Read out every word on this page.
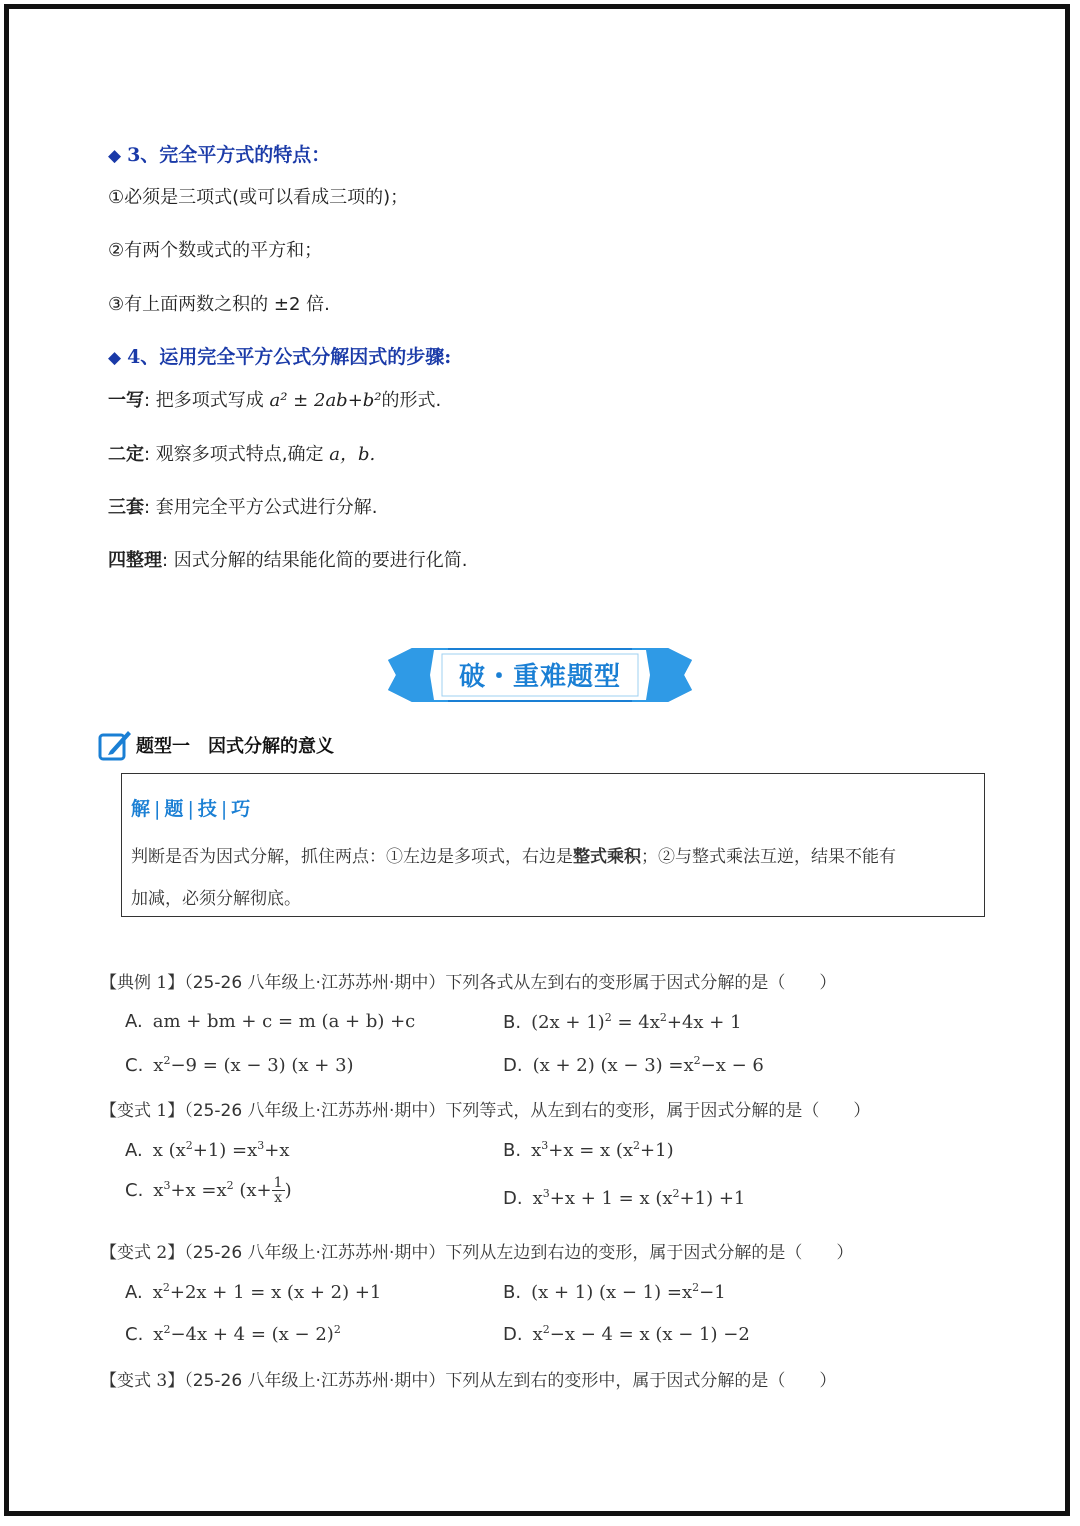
◆ 3、完全平方式的特点：
①必须是三项式(或可以看成三项的)；
②有两个数或式的平方和；
③有上面两数之积的 ±2 倍.
◆ 4、运用完全平方公式分解因式的步骤:
一写: 把多项式写成 a² ± 2ab+b²的形式.
二定: 观察多项式特点,确定 a，b.
三套: 套用完全平方公式进行分解.
四整理: 因式分解的结果能化简的要进行化简.
破・重难题型
题型一　因式分解的意义
解 | 题 | 技 | 巧
判断是否为因式分解，抓住两点：①左边是多项式，右边是整式乘积；②与整式乘法互逆，结果不能有
加减，必须分解彻底。
【典例 1】（25-26 八年级上·江苏苏州·期中）下列各式从左到右的变形属于因式分解的是（　　）
A. am + bm + c = m (a + b) +c	B. $(2x + 1)^2 = 4x^2+4x + 1$
C. $x^2-9 = (x - 3) (x + 3)$	D. (x + 2) $(x - 3) =x^2-x - 6$
【变式 1】（25-26 八年级上·江苏苏州·期中）下列等式，从左到右的变形，属于因式分解的是（　　）
A. x $(x^2+1) =x^3+x$	B. $x^3+x = x$ $(x^2+1)$
C. $x^3+x =x^2$ ($x+ \frac{1}{x}$ )	D. $x^3+x + 1 = x$ $(x^2+1) +1$
【变式 2】（25-26 八年级上·江苏苏州·期中）下列从左边到右边的变形，属于因式分解的是（　　）
A. $x^2+2x + 1 = x$ (x + 2) +1	B. (x + 1) $(x - 1) =x^2-1$
C. $x^2-4x + 4 = (x - 2)^2$	D. $x^2-x - 4 = x$ (x − 1) −2
【变式 3】（25-26 八年级上·江苏苏州·期中）下列从左到右的变形中，属于因式分解的是（　　）
